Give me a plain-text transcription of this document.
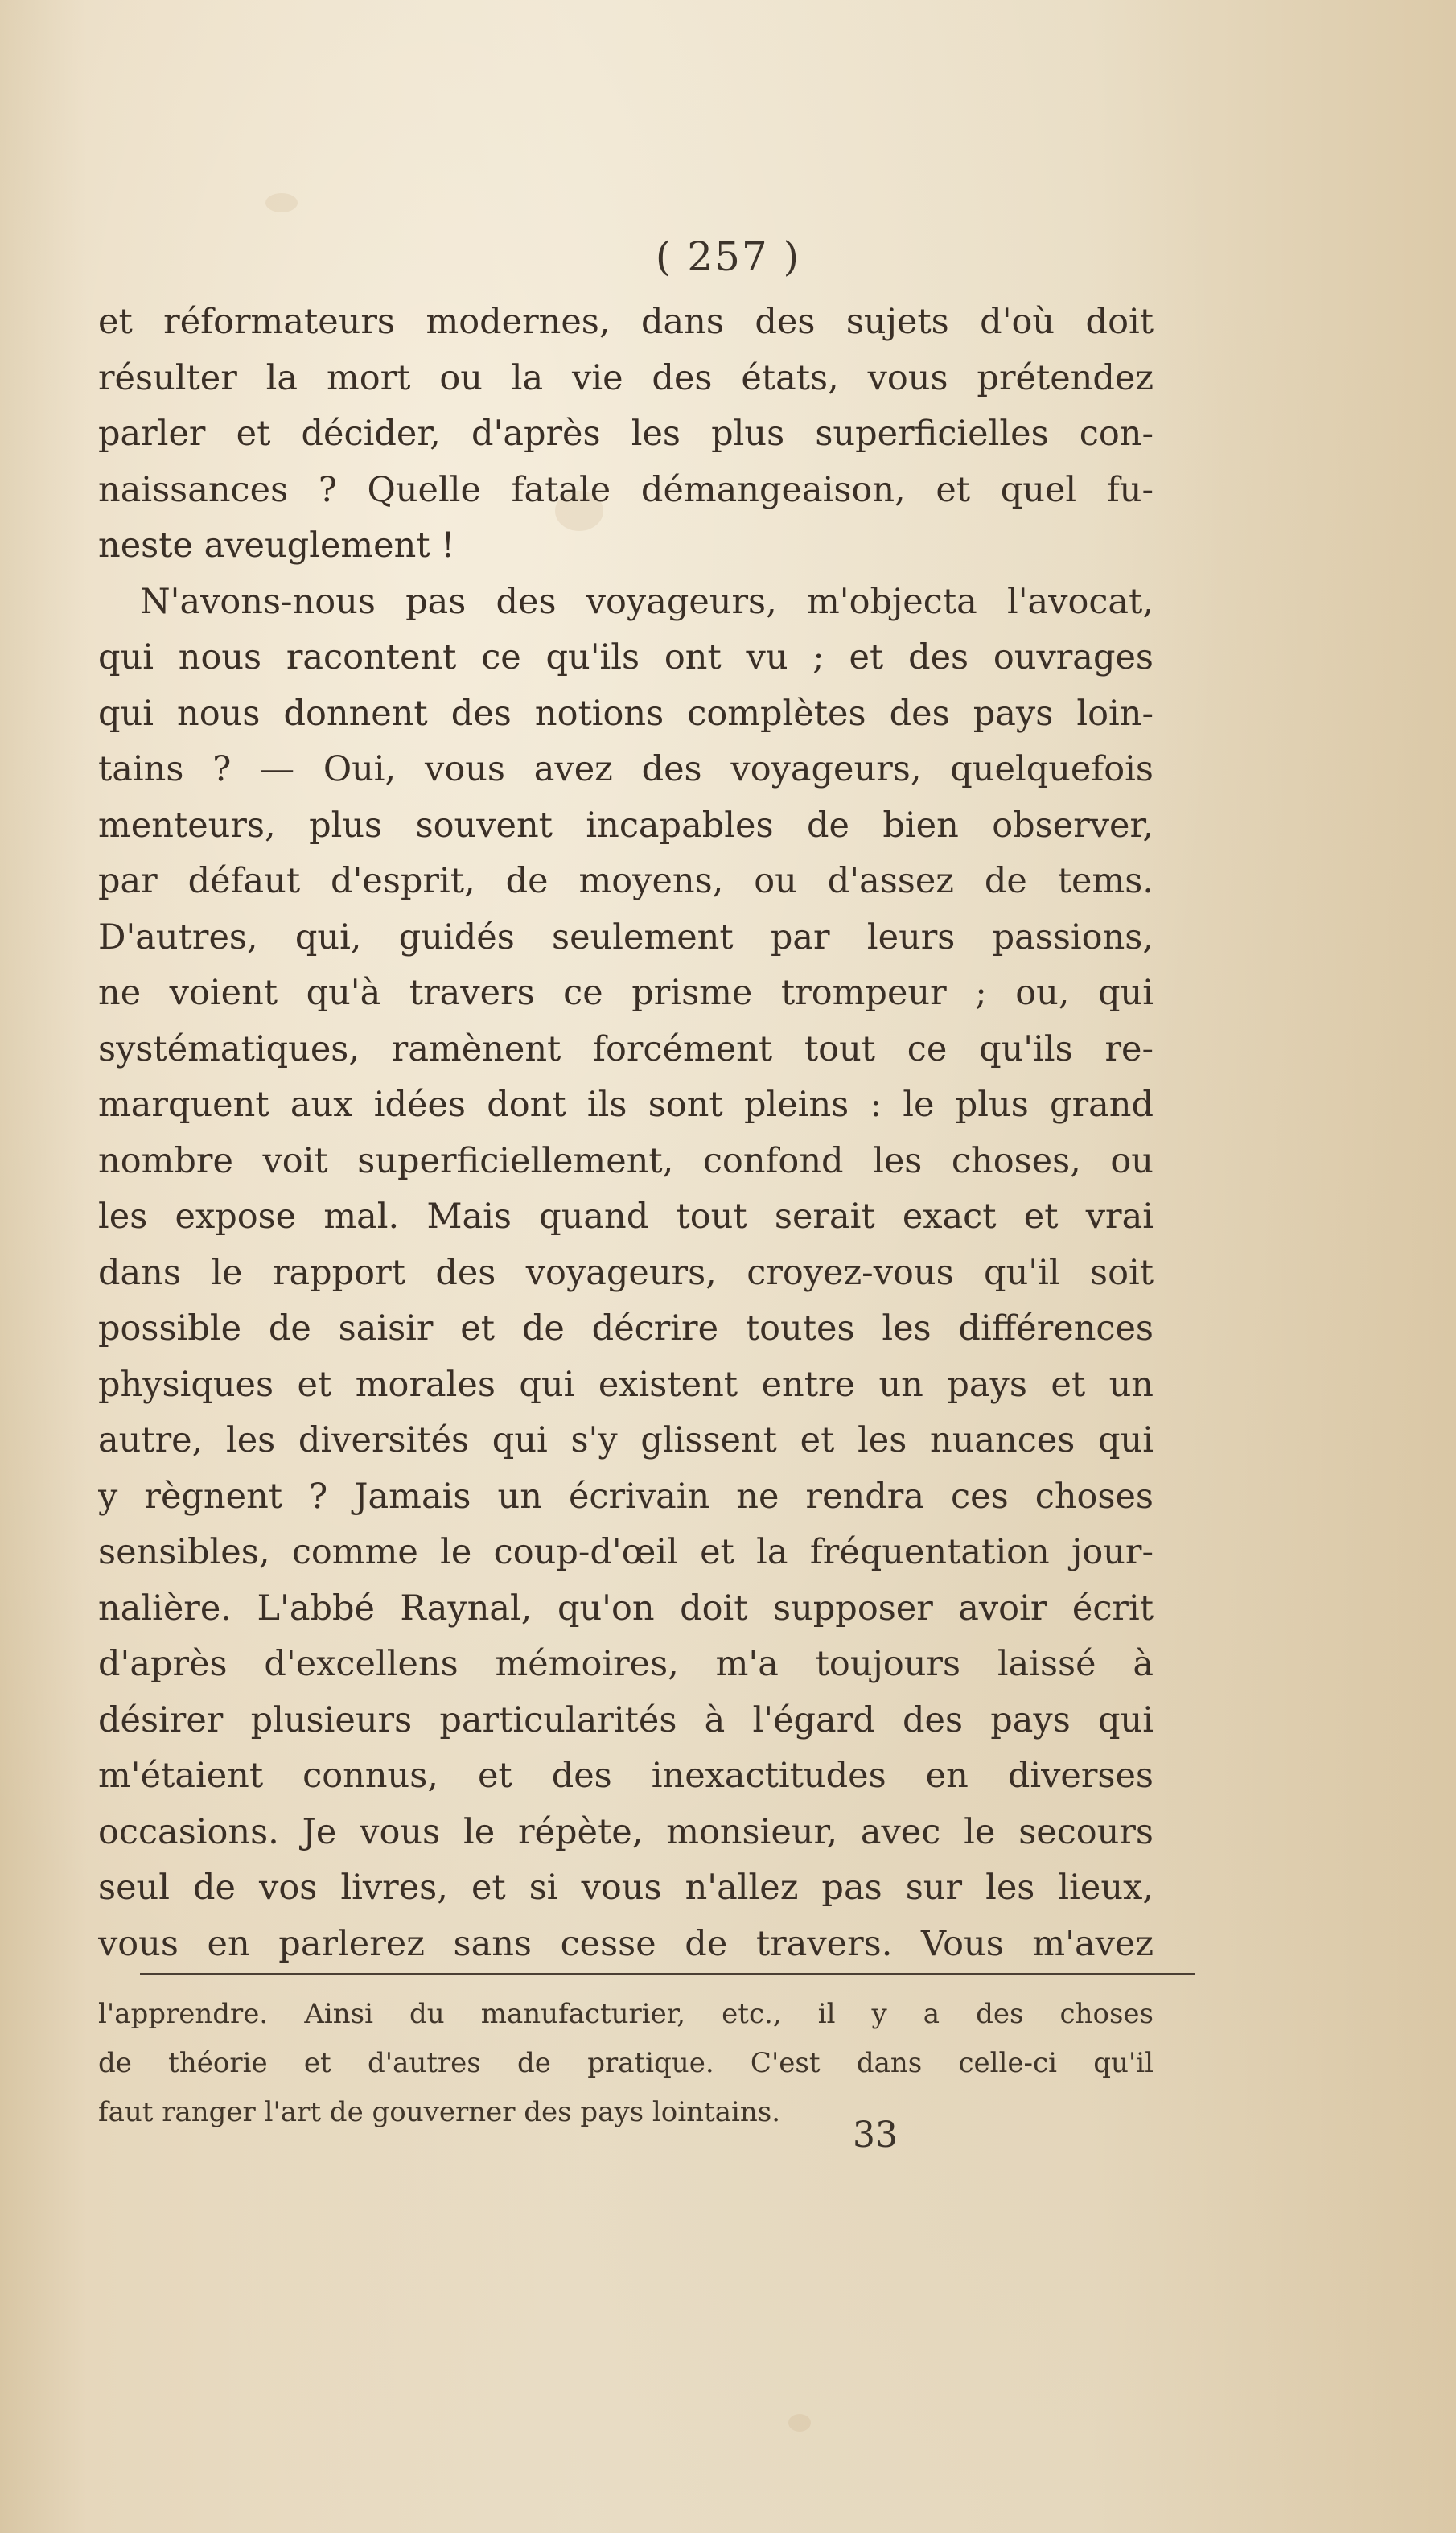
( 257 )
et réformateurs modernes, dans des sujets d'où doit
résulter la mort ou la vie des états, vous prétendez
parler et décider, d'après les plus superficielles con-
naissances ? Quelle fatale démangeaison, et quel fu-
neste aveuglement !
N'avons-nous pas des voyageurs, m'objecta l'avocat,
qui nous racontent ce qu'ils ont vu ; et des ouvrages
qui nous donnent des notions complètes des pays loin-
tains ? — Oui, vous avez des voyageurs, quelquefois
menteurs, plus souvent incapables de bien observer,
par défaut d'esprit, de moyens, ou d'assez de tems.
D'autres, qui, guidés seulement par leurs passions,
ne voient qu'à travers ce prisme trompeur ; ou, qui
systématiques, ramènent forcément tout ce qu'ils re-
marquent aux idées dont ils sont pleins : le plus grand
nombre voit superficiellement, confond les choses, ou
les expose mal. Mais quand tout serait exact et vrai
dans le rapport des voyageurs, croyez-vous qu'il soit
possible de saisir et de décrire toutes les différences
physiques et morales qui existent entre un pays et un
autre, les diversités qui s'y glissent et les nuances qui
y règnent ? Jamais un écrivain ne rendra ces choses
sensibles, comme le coup-d'œil et la fréquentation jour-
nalière. L'abbé Raynal, qu'on doit supposer avoir écrit
d'après d'excellens mémoires, m'a toujours laissé à
désirer plusieurs particularités à l'égard des pays qui
m'étaient connus, et des inexactitudes en diverses
occasions. Je vous le répète, monsieur, avec le secours
seul de vos livres, et si vous n'allez pas sur les lieux,
vous en parlerez sans cesse de travers. Vous m'avez
l'apprendre. Ainsi du manufacturier, etc., il y a des choses
de théorie et d'autres de pratique. C'est dans celle-ci qu'il
faut ranger l'art de gouverner des pays lointains.
33
